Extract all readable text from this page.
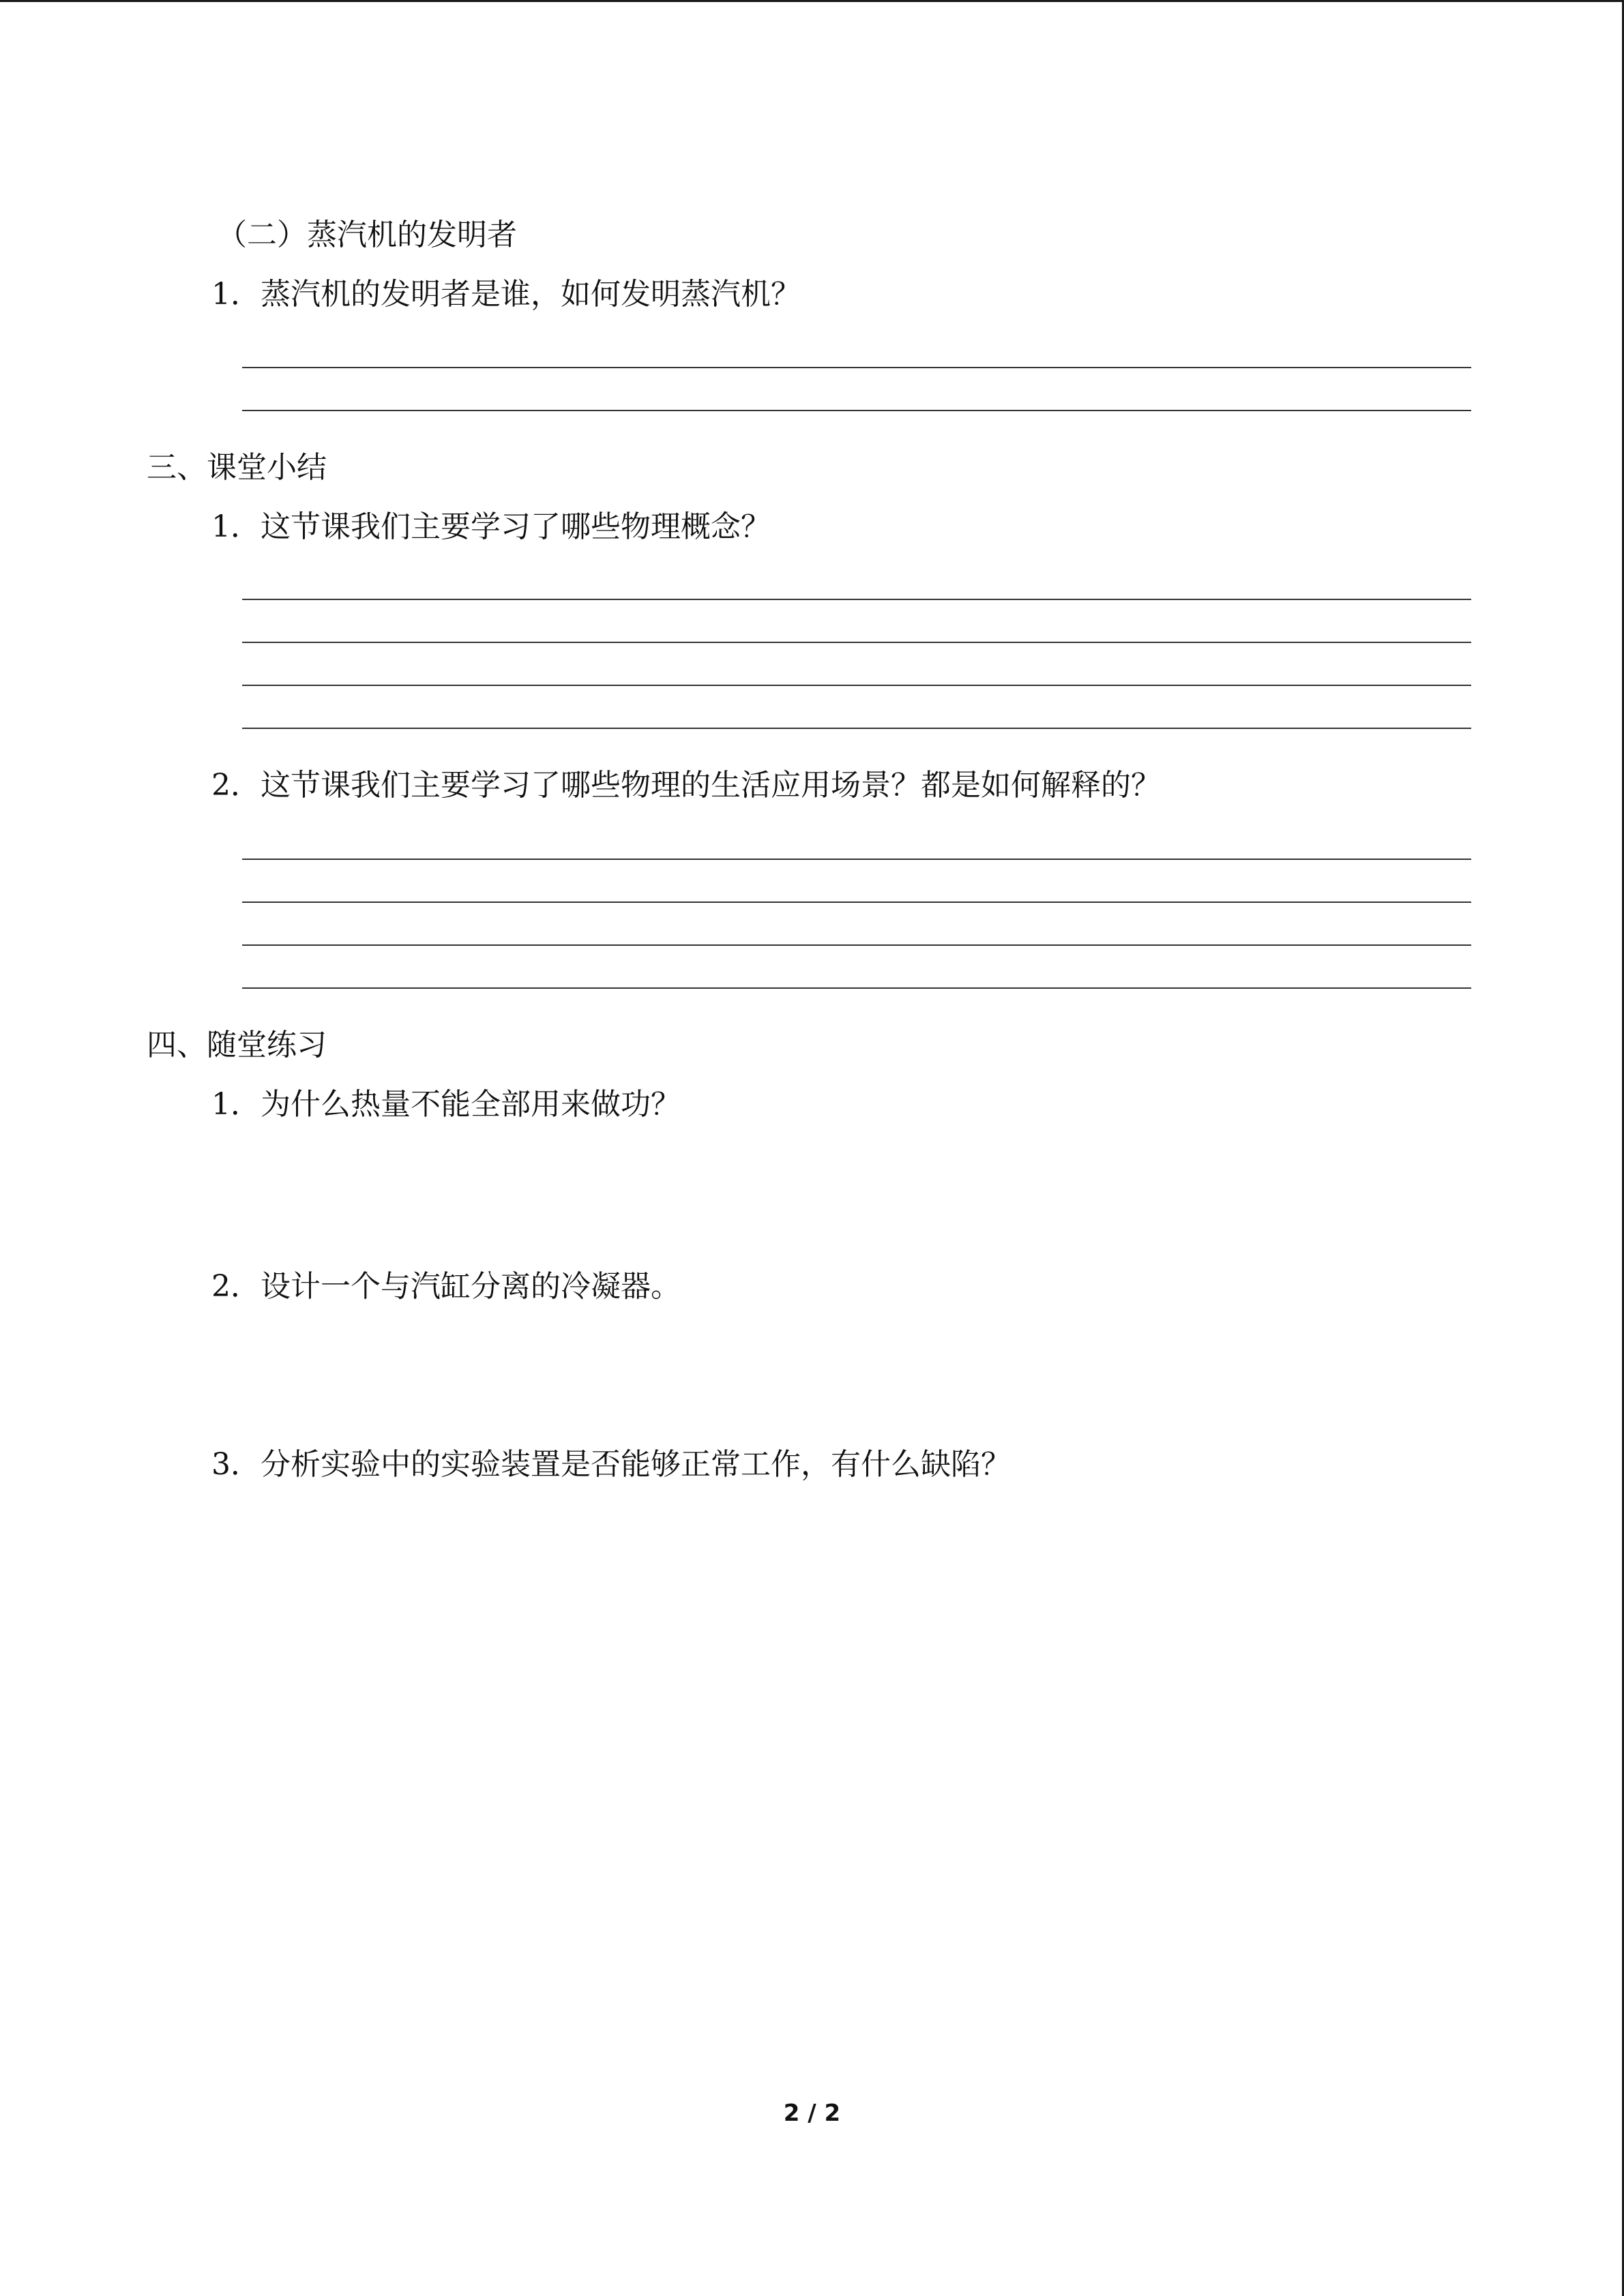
（二）蒸汽机的发明者
1．蒸汽机的发明者是谁，如何发明蒸汽机？
三、课堂小结
1．这节课我们主要学习了哪些物理概念？
2．这节课我们主要学习了哪些物理的生活应用场景？都是如何解释的？
四、随堂练习
1．为什么热量不能全部用来做功？
2．设计一个与汽缸分离的冷凝器。
3．分析实验中的实验装置是否能够正常工作，有什么缺陷？
2 / 2
